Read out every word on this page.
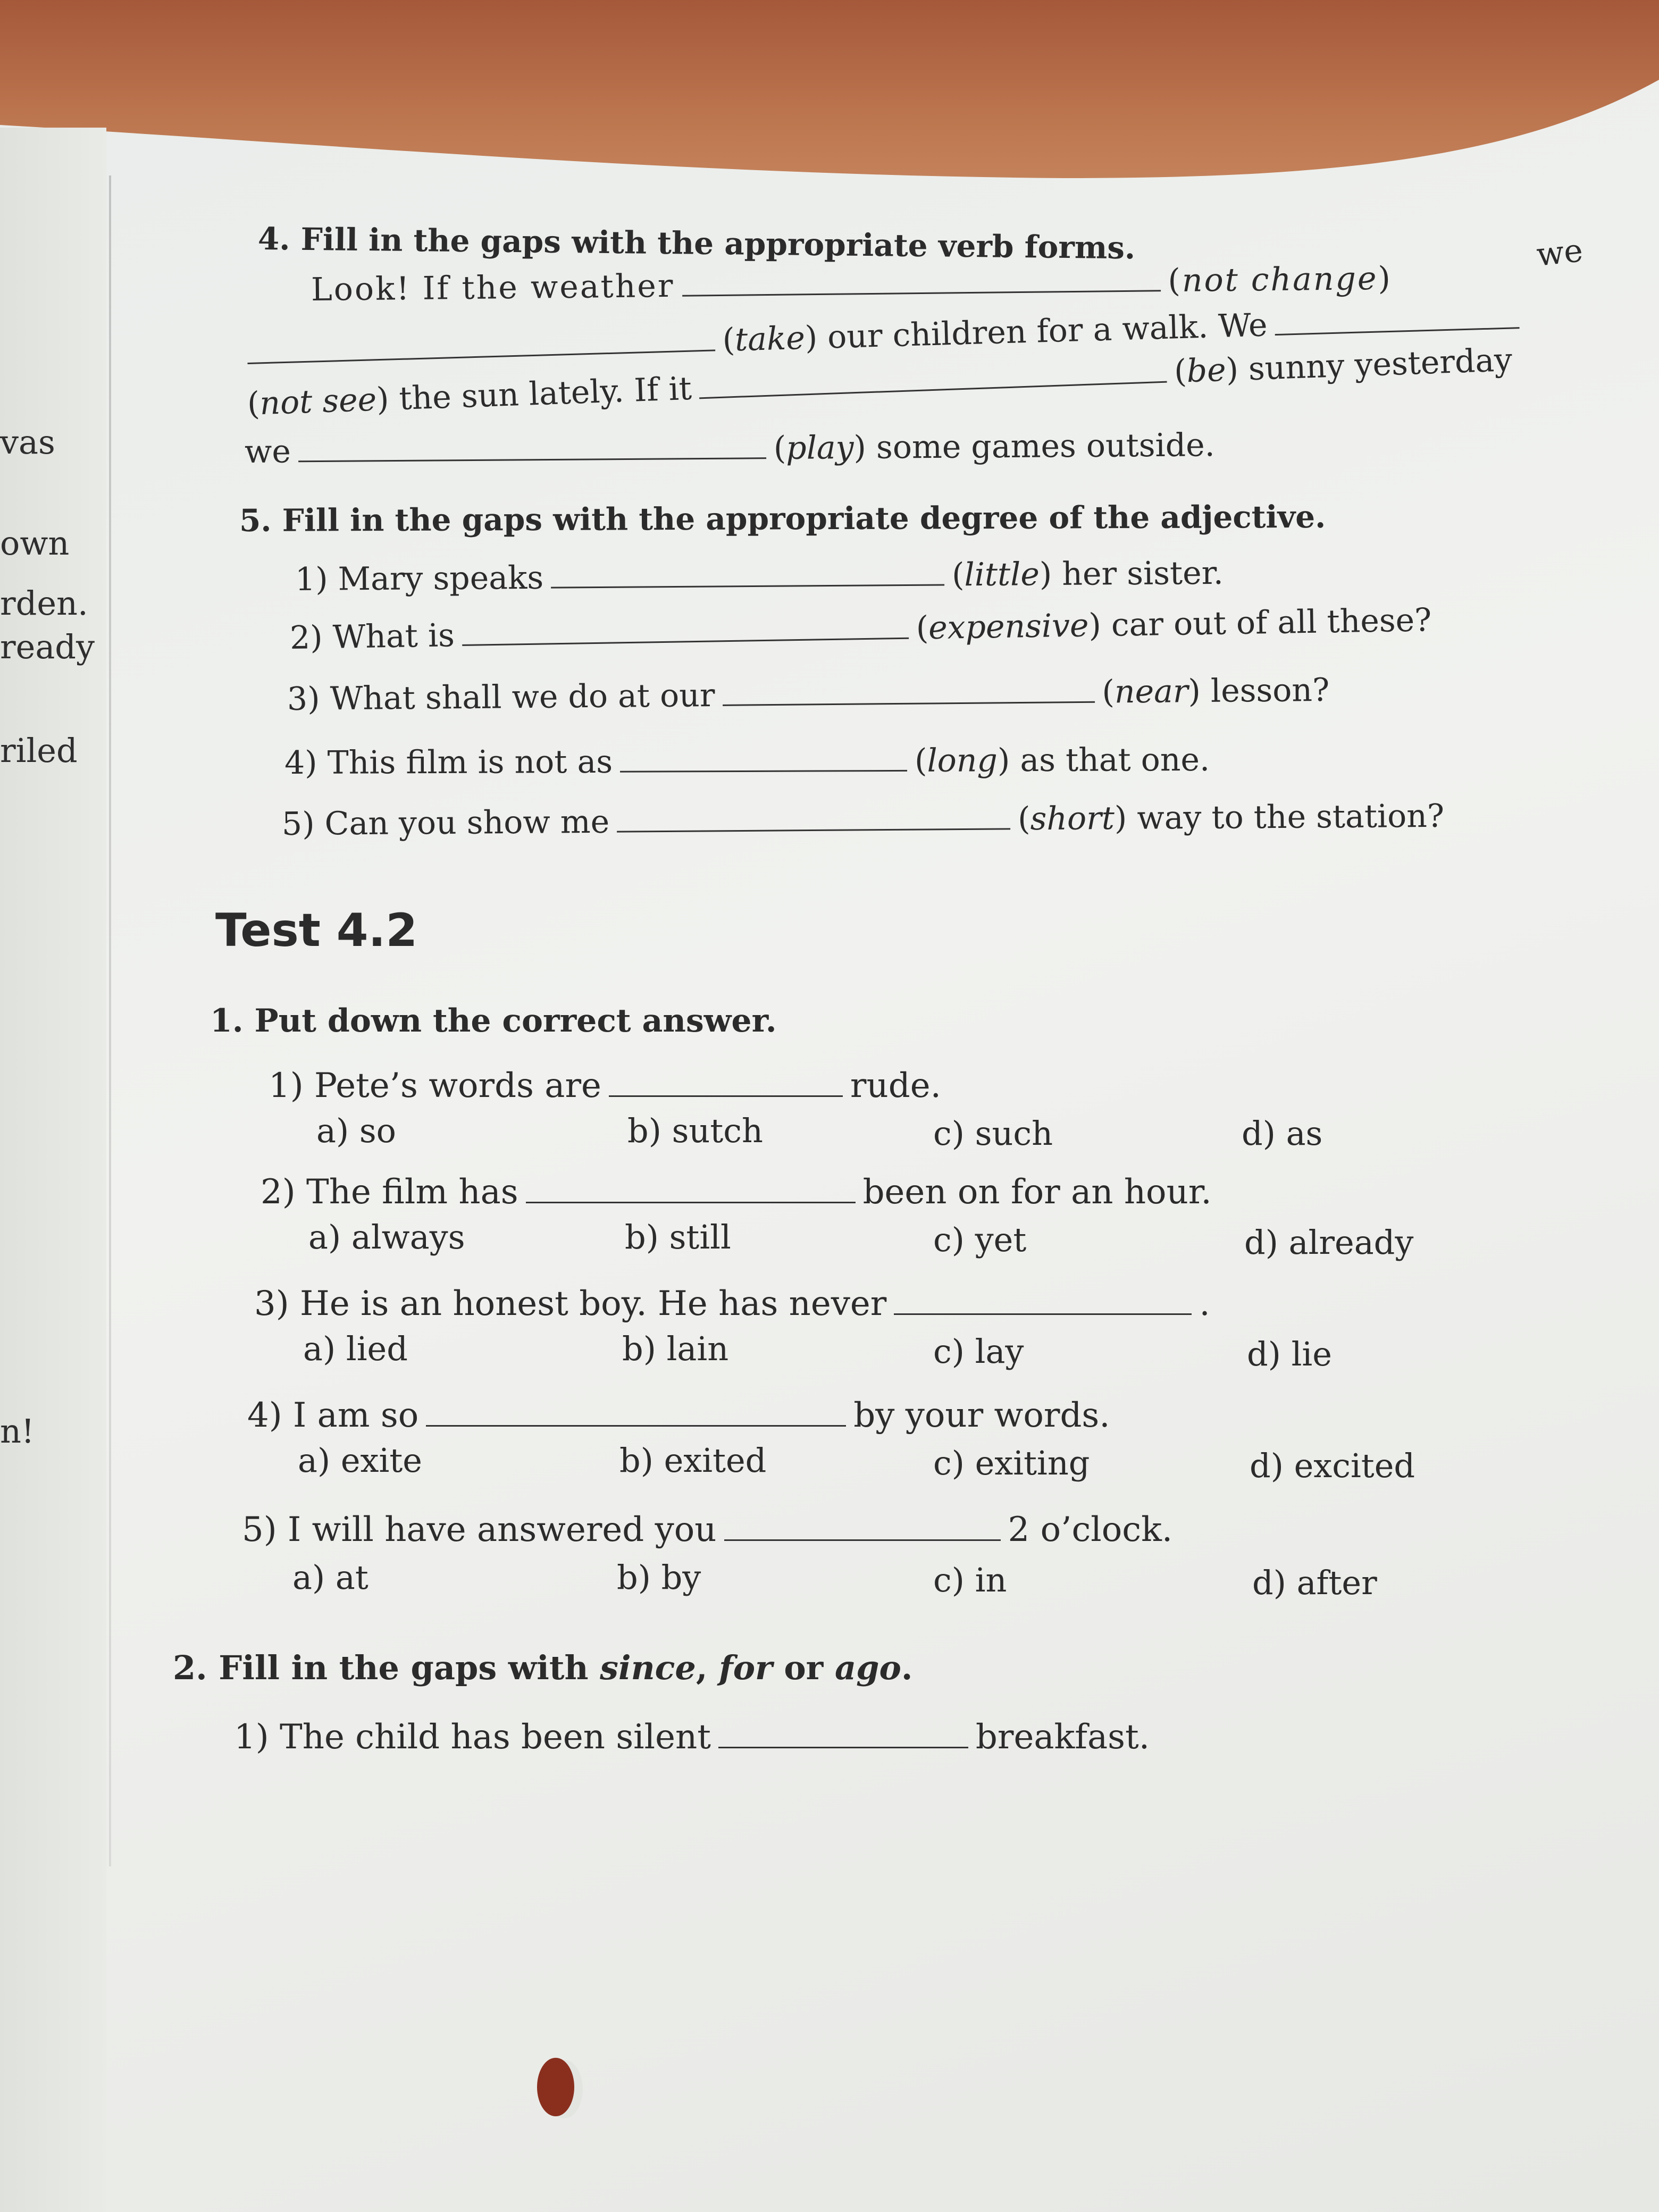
vas
own
rden.
ready
riled
n!
4. Fill in the gaps with the appropriate verb forms.
Look! If the weather	(not change)
we
(take) our children for a walk. We
(not see) the sun lately. If it	(be) sunny yesterday
we	(play) some games outside.
5. Fill in the gaps with the appropriate degree of the adjective.
1) Mary speaks	(little) her sister.
2) What is	(expensive) car out of all these?
3) What shall we do at our	(near) lesson?
4) This film is not as	(long) as that one.
5) Can you show me	(short) way to the station?
Test 4.2
1. Put down the correct answer.
1) Pete’s words are	rude.
a) so	b) sutch	c) such	d) as
2) The film has	been on for an hour.
a) always	b) still	c) yet	d) already
3) He is an honest boy. He has never	.
a) lied	b) lain	c) lay	d) lie
4) I am so	by your words.
a) exite	b) exited	c) exiting	d) excited
5) I will have answered you	2 o’clock.
a) at	b) by	c) in	d) after
2. Fill in the gaps with since, for or ago.
1) The child has been silent	breakfast.
